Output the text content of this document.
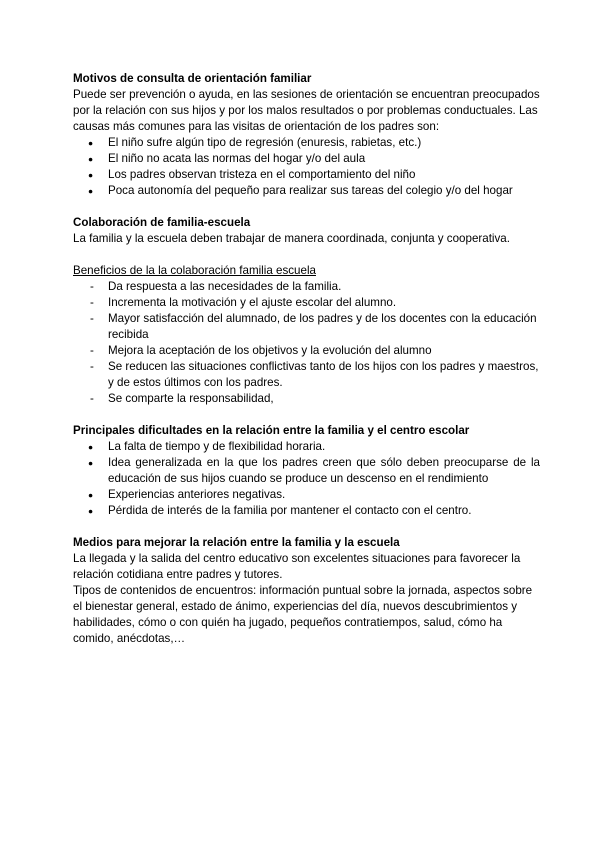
Motivos de consulta de orientación familiar

Puede ser prevención o ayuda, en las sesiones de orientación se encuentran preocupados por la relación con sus hijos y por los malos resultados o por problemas conductuales. Las causas más comunes para las visitas de orientación de los padres son:

● El niño sufre algún tipo de regresión (enuresis, rabietas, etc.)
● El niño no acata las normas del hogar y/o del aula
● Los padres observan tristeza en el comportamiento del niño
● Poca autonomía del pequeño para realizar sus tareas del colegio y/o del hogar

Colaboración de familia-escuela

La familia y la escuela deben trabajar de manera coordinada, conjunta y cooperativa.

Beneficios de la la colaboración familia escuela

- Da respuesta a las necesidades de la familia.
- Incrementa la motivación y el ajuste escolar del alumno.
- Mayor satisfacción del alumnado, de los padres y de los docentes con la educación recibida
- Mejora la aceptación de los objetivos y la evolución del alumno
- Se reducen las situaciones conflictivas tanto de los hijos con los padres y maestros, y de estos últimos con los padres.
- Se comparte la responsabilidad,

Principales dificultades en la relación entre la familia y el centro escolar

● La falta de tiempo y de flexibilidad horaria.
● Idea generalizada en la que los padres creen que sólo deben preocuparse de la educación de sus hijos cuando se produce un descenso en el rendimiento
● Experiencias anteriores negativas.
● Pérdida de interés de la familia por mantener el contacto con el centro.

Medios para mejorar la relación entre la familia y la escuela

La llegada y la salida del centro educativo son excelentes situaciones para favorecer la relación cotidiana entre padres y tutores.

Tipos de contenidos de encuentros: información puntual sobre la jornada, aspectos sobre el bienestar general, estado de ánimo, experiencias del día, nuevos descubrimientos y habilidades, cómo o con quién ha jugado, pequeños contratiempos, salud, cómo ha comido, anécdotas,…
